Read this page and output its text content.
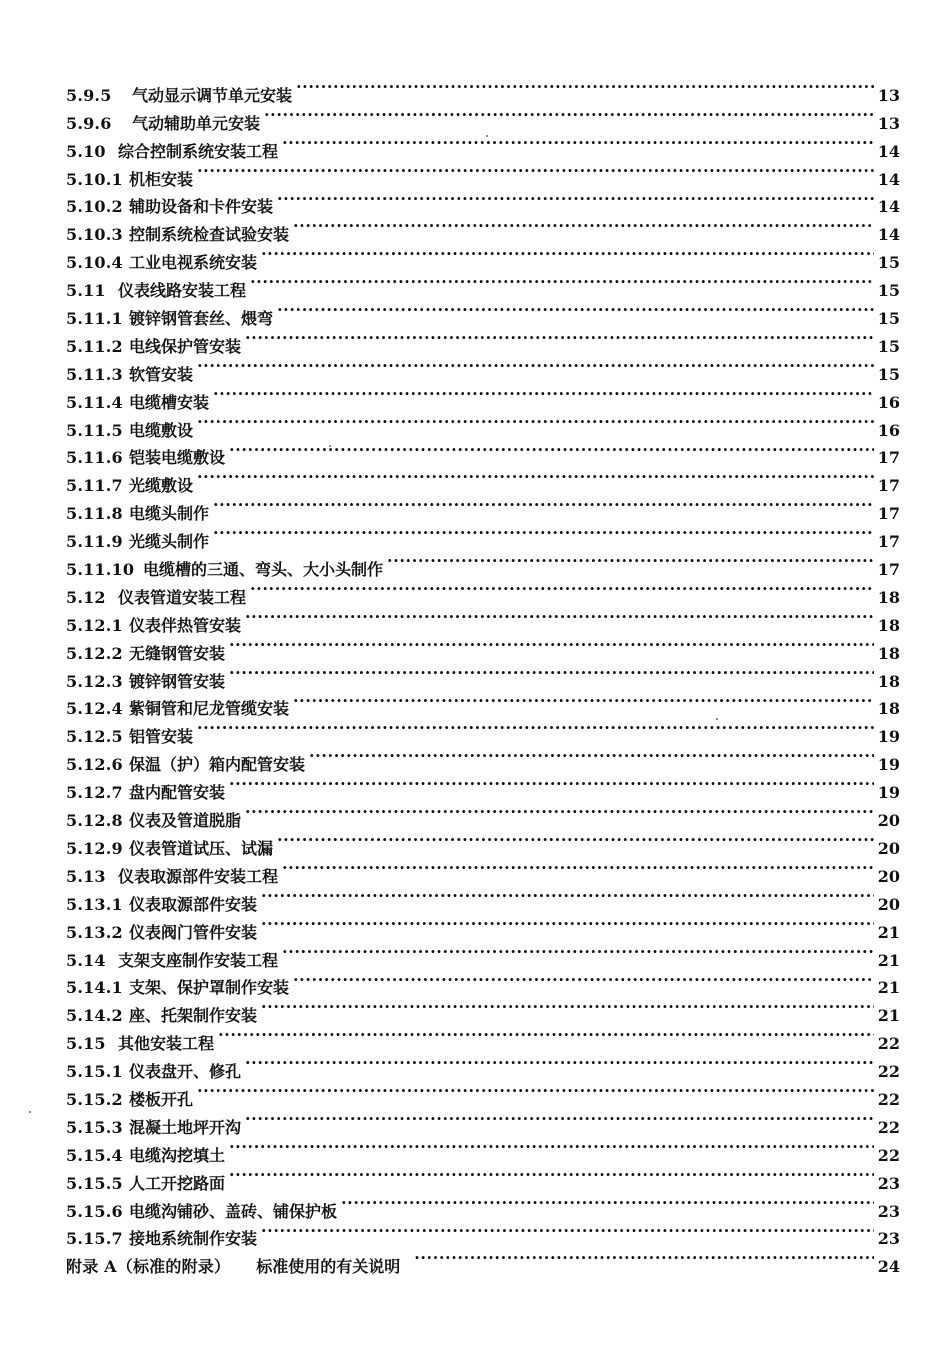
5.9.5	气动显示调节单元安装 ·····	13
5.9.6	气动辅助单元安装 ·····	13
5.10 综合控制系统安装工程 ·····	14
5.10.1 机柜安装 ·····	14
5.10.2 辅助设备和卡件安装 ·····	14
5.10.3 控制系统检查试验安装 ·····	14
5.10.4 工业电视系统安装 ·····	15
5.11 仪表线路安装工程 ·····	15
5.11.1 镀锌钢管套丝、煨弯 ·····	15
5.11.2 电线保护管安装 ·····	15
5.11.3 软管安装 ·····	15
5.11.4 电缆槽安装 ·····	16
5.11.5 电缆敷设 ·····	16
5.11.6 铠装电缆敷设 ·····	17
5.11.7 光缆敷设 ·····	17
5.11.8 电缆头制作 ·····	17
5.11.9 光缆头制作 ·····	17
5.11.10 电缆槽的三通、弯头、大小头制作 ·····	17
5.12 仪表管道安装工程 ·····	18
5.12.1 仪表伴热管安装 ·····	18
5.12.2 无缝钢管安装 ·····	18
5.12.3 镀锌钢管安装 ·····	18
5.12.4 紫铜管和尼龙管缆安装 ·····	18
5.12.5 铝管安装 ·····	19
5.12.6 保温（护）箱内配管安装 ·····	19
5.12.7 盘内配管安装 ·····	19
5.12.8 仪表及管道脱脂 ·····	20
5.12.9 仪表管道试压、试漏 ·····	20
5.13 仪表取源部件安装工程 ·····	20
5.13.1 仪表取源部件安装 ·····	20
5.13.2 仪表阀门管件安装 ·····	21
5.14 支架支座制作安装工程 ·····	21
5.14.1 支架、保护罩制作安装 ·····	21
5.14.2 座、托架制作安装 ·····	21
5.15 其他安装工程 ·····	22
5.15.1 仪表盘开、修孔 ·····	22
5.15.2 楼板开孔 ·····	22
5.15.3 混凝土地坪开沟 ·····	22
5.15.4 电缆沟挖填土 ·····	22
5.15.5 人工开挖路面 ·····	23
5.15.6 电缆沟铺砂、盖砖、铺保护板 ·····	23
5.15.7 接地系统制作安装 ·····	23
附录 A（标准的附录）	标准使用的有关说明 ·····	24
